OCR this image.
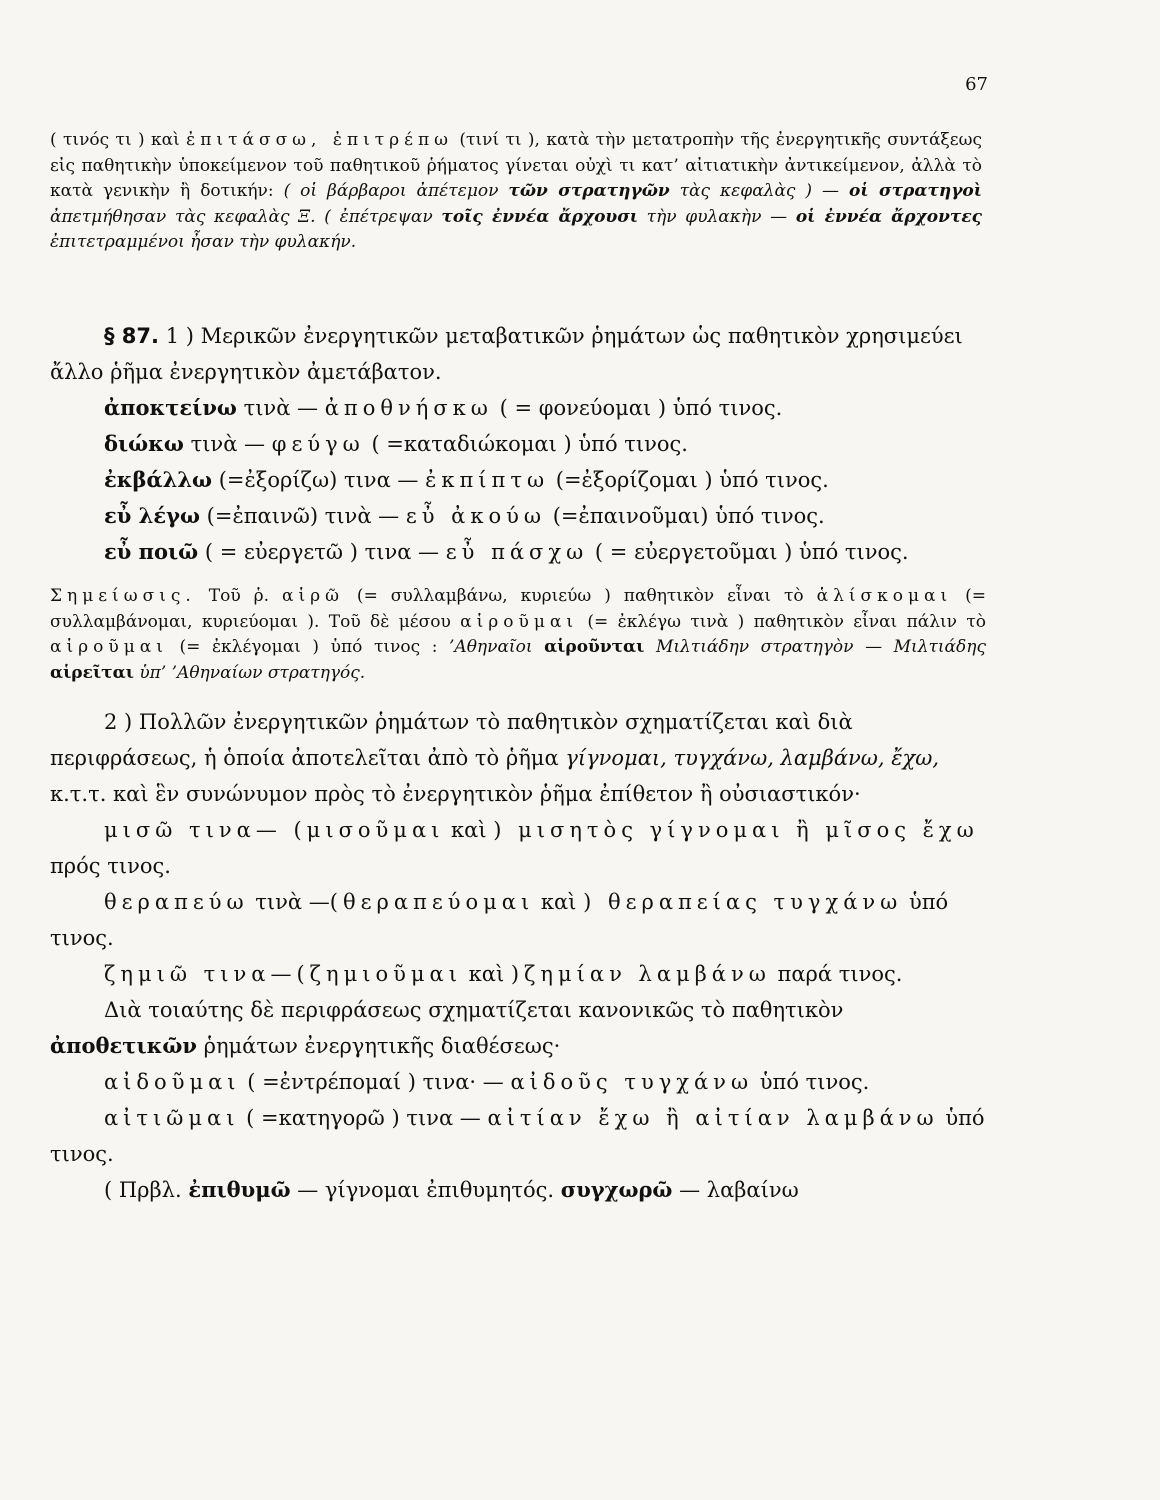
67

( τινός τι ) καὶ ἐπιτάσσω, ἐπιτρέπω (τινί τι ), κατὰ τὴν μετατροπὴν τῆς ἐνεργητικῆς συντάξεως εἰς παθητικὴν ὑποκείμενον τοῦ παθητικοῦ ῥήματος γίνεται οὐχὶ τι κατ’ αἰτιατικὴν ἀντικείμενον, ἀλλὰ τὸ κατὰ γενικὴν ἢ δοτικήν: ( οἱ βάρβαροι ἀπέτεμον τῶν στρατηγῶν τὰς κεφαλὰς ) — οἱ στρατηγοὶ ἀπετμήθησαν τὰς κεφαλὰς Ξ. ( ἐπέτρεψαν τοῖς ἐννέα ἄρχουσι τὴν φυλακὴν — οἱ ἐννέα ἄρχοντες ἐπιτετραμμένοι ἦσαν τὴν φυλακήν.

§ 87. 1 ) Μερικῶν ἐνεργητικῶν μεταβατικῶν ῥημάτων ὡς παθητικὸν χρησιμεύει ἄλλο ῥῆμα ἐνεργητικὸν ἀμετάβατον.

ἀποκτείνω τινὰ — ἀποθνήσκω ( = φονεύομαι ) ὑπό τινος.

διώκω τινὰ — φεύγω ( =καταδιώκομαι ) ὑπό τινος.

ἐκβάλλω (=ἐξορίζω) τινα — ἐκπίπτω (=ἐξορίζομαι ) ὑπό τινος.

εὖ λέγω (=ἐπαινῶ) τινὰ — εὖ ἀκούω (=ἐπαινοῦμαι) ὑπό τινος.

εὖ ποιῶ ( = εὐεργετῶ ) τινα — εὖ πάσχω ( = εὐεργετοῦμαι ) ὑπό τινος.

Σημείωσις. Τοῦ ῥ. αἱρῶ (= συλλαμβάνω, κυριεύω ) παθητικὸν εἶναι τὸ ἁλίσκομαι (= συλλαμβάνομαι, κυριεύομαι ). Τοῦ δὲ μέσου αἱροῦμαι (= ἐκλέγω τινὰ ) παθητικὸν εἶναι πάλιν τὸ αἱροῦμαι (= ἐκλέγομαι ) ὑπό τινος : ’Αθηναῖοι αἱροῦνται Μιλτιάδην στρατηγὸν — Μιλτιάδης αἱρεῖται ὑπ’ ’Αθηναίων στρατηγός.

2 ) Πολλῶν ἐνεργητικῶν ῥημάτων τὸ παθητικὸν σχηματίζεται καὶ διὰ περιφράσεως, ἡ ὁποία ἀποτελεῖται ἀπὸ τὸ ῥῆμα γίγνομαι, τυγχάνω, λαμβάνω, ἔχω, κ.τ.τ. καὶ ἓν συνώνυμον πρὸς τὸ ἐνεργητικὸν ῥῆμα ἐπίθετον ἢ οὐσιαστικόν·

μισῶ τινα— (μισοῦμαι καὶ ) μισητὸς γίγνομαι ἢ μῖσος ἔχω πρός τινος.

θεραπεύω τινὰ —(θεραπεύομαι καὶ ) θεραπείας τυγχάνω ὑπό τινος.

ζημιῶ τινα—(ζημιοῦμαι καὶ )ζημίαν λαμβάνω παρά τινος.

Διὰ τοιαύτης δὲ περιφράσεως σχηματίζεται κανονικῶς τὸ παθητικὸν ἀποθετικῶν ῥημάτων ἐνεργητικῆς διαθέσεως·

αἰδοῦμαι ( =ἐντρέπομαί ) τινα· — αἰδοῦς τυγχάνω ὑπό τινος.

αἰτιῶμαι ( =κατηγορῶ ) τινα — αἰτίαν ἔχω ἢ αἰτίαν λαμβάνω ὑπό τινος.

( Πρβλ. ἐπιθυμῶ — γίγνομαι ἐπιθυμητός. συγχωρῶ — λαβαίνω
